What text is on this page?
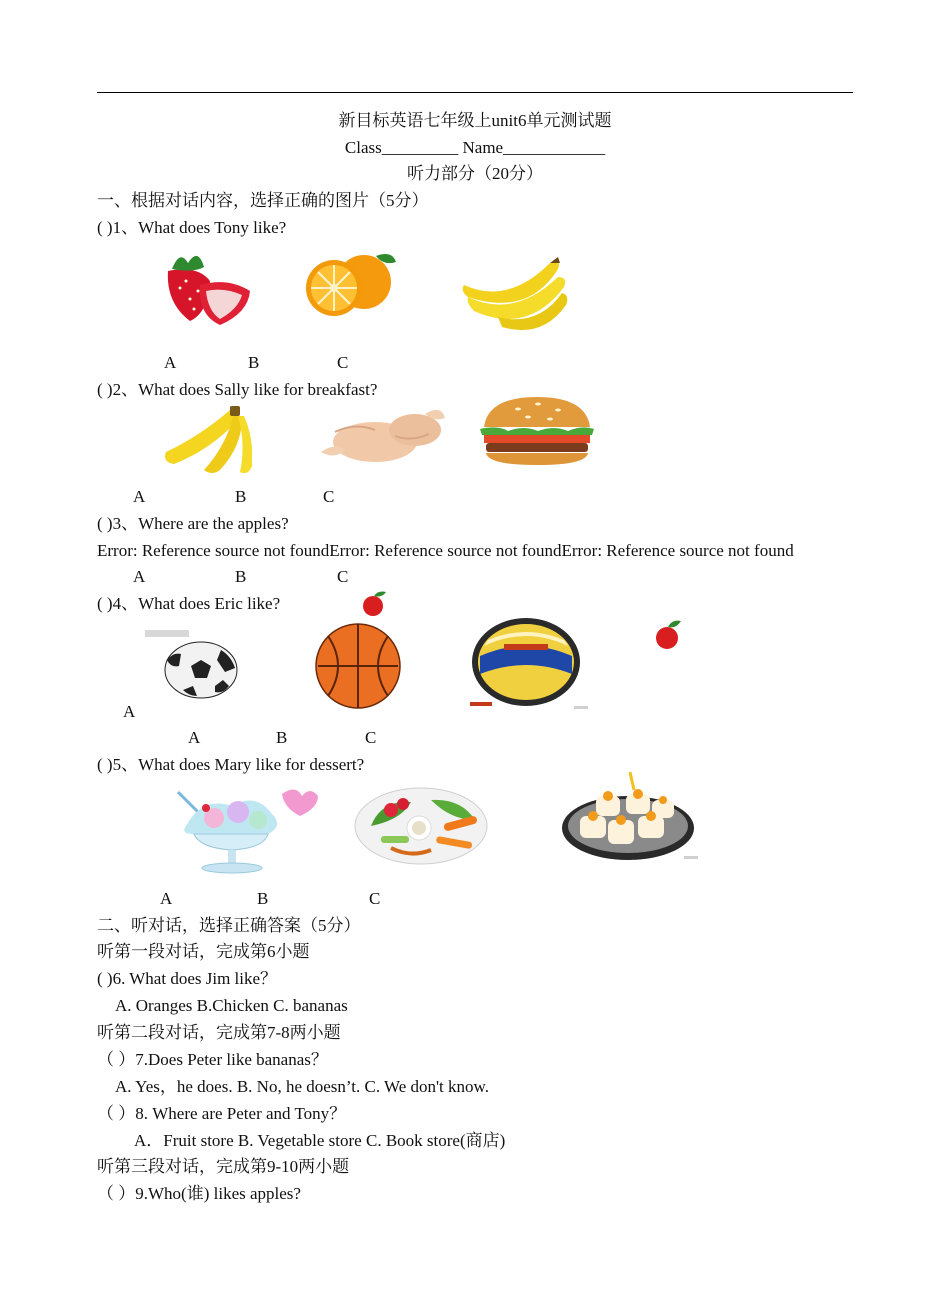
新目标英语七年级上unit6单元测试题
Class_________ Name____________
听力部分（20分）
一、根据对话内容，选择正确的图片（5分）
( )1、What does Tony like?
A	B	C
( )2、What does Sally like for breakfast?
A	B	C
( )3、Where are the apples?
Error: Reference source not foundError: Reference source not foundError: Reference source not found
A	B	C
( )4、What does Eric like?
A
A	B	C
( )5、What does Mary like for dessert?
A	B	C
二、听对话，选择正确答案（5分）
听第一段对话，完成第6小题
( )6. What does Jim like？
A. Oranges B.Chicken C. bananas
听第二段对话，完成第7-8两小题
（ ）7.Does Peter like bananas？
A. Yes，he does. B. No, he doesn’t. C. We don't know.
（ ）8. Where are Peter and Tony？
A．Fruit store B. Vegetable store C. Book store(商店)
听第三段对话，完成第9-10两小题
（ ）9.Who(谁) likes apples?
